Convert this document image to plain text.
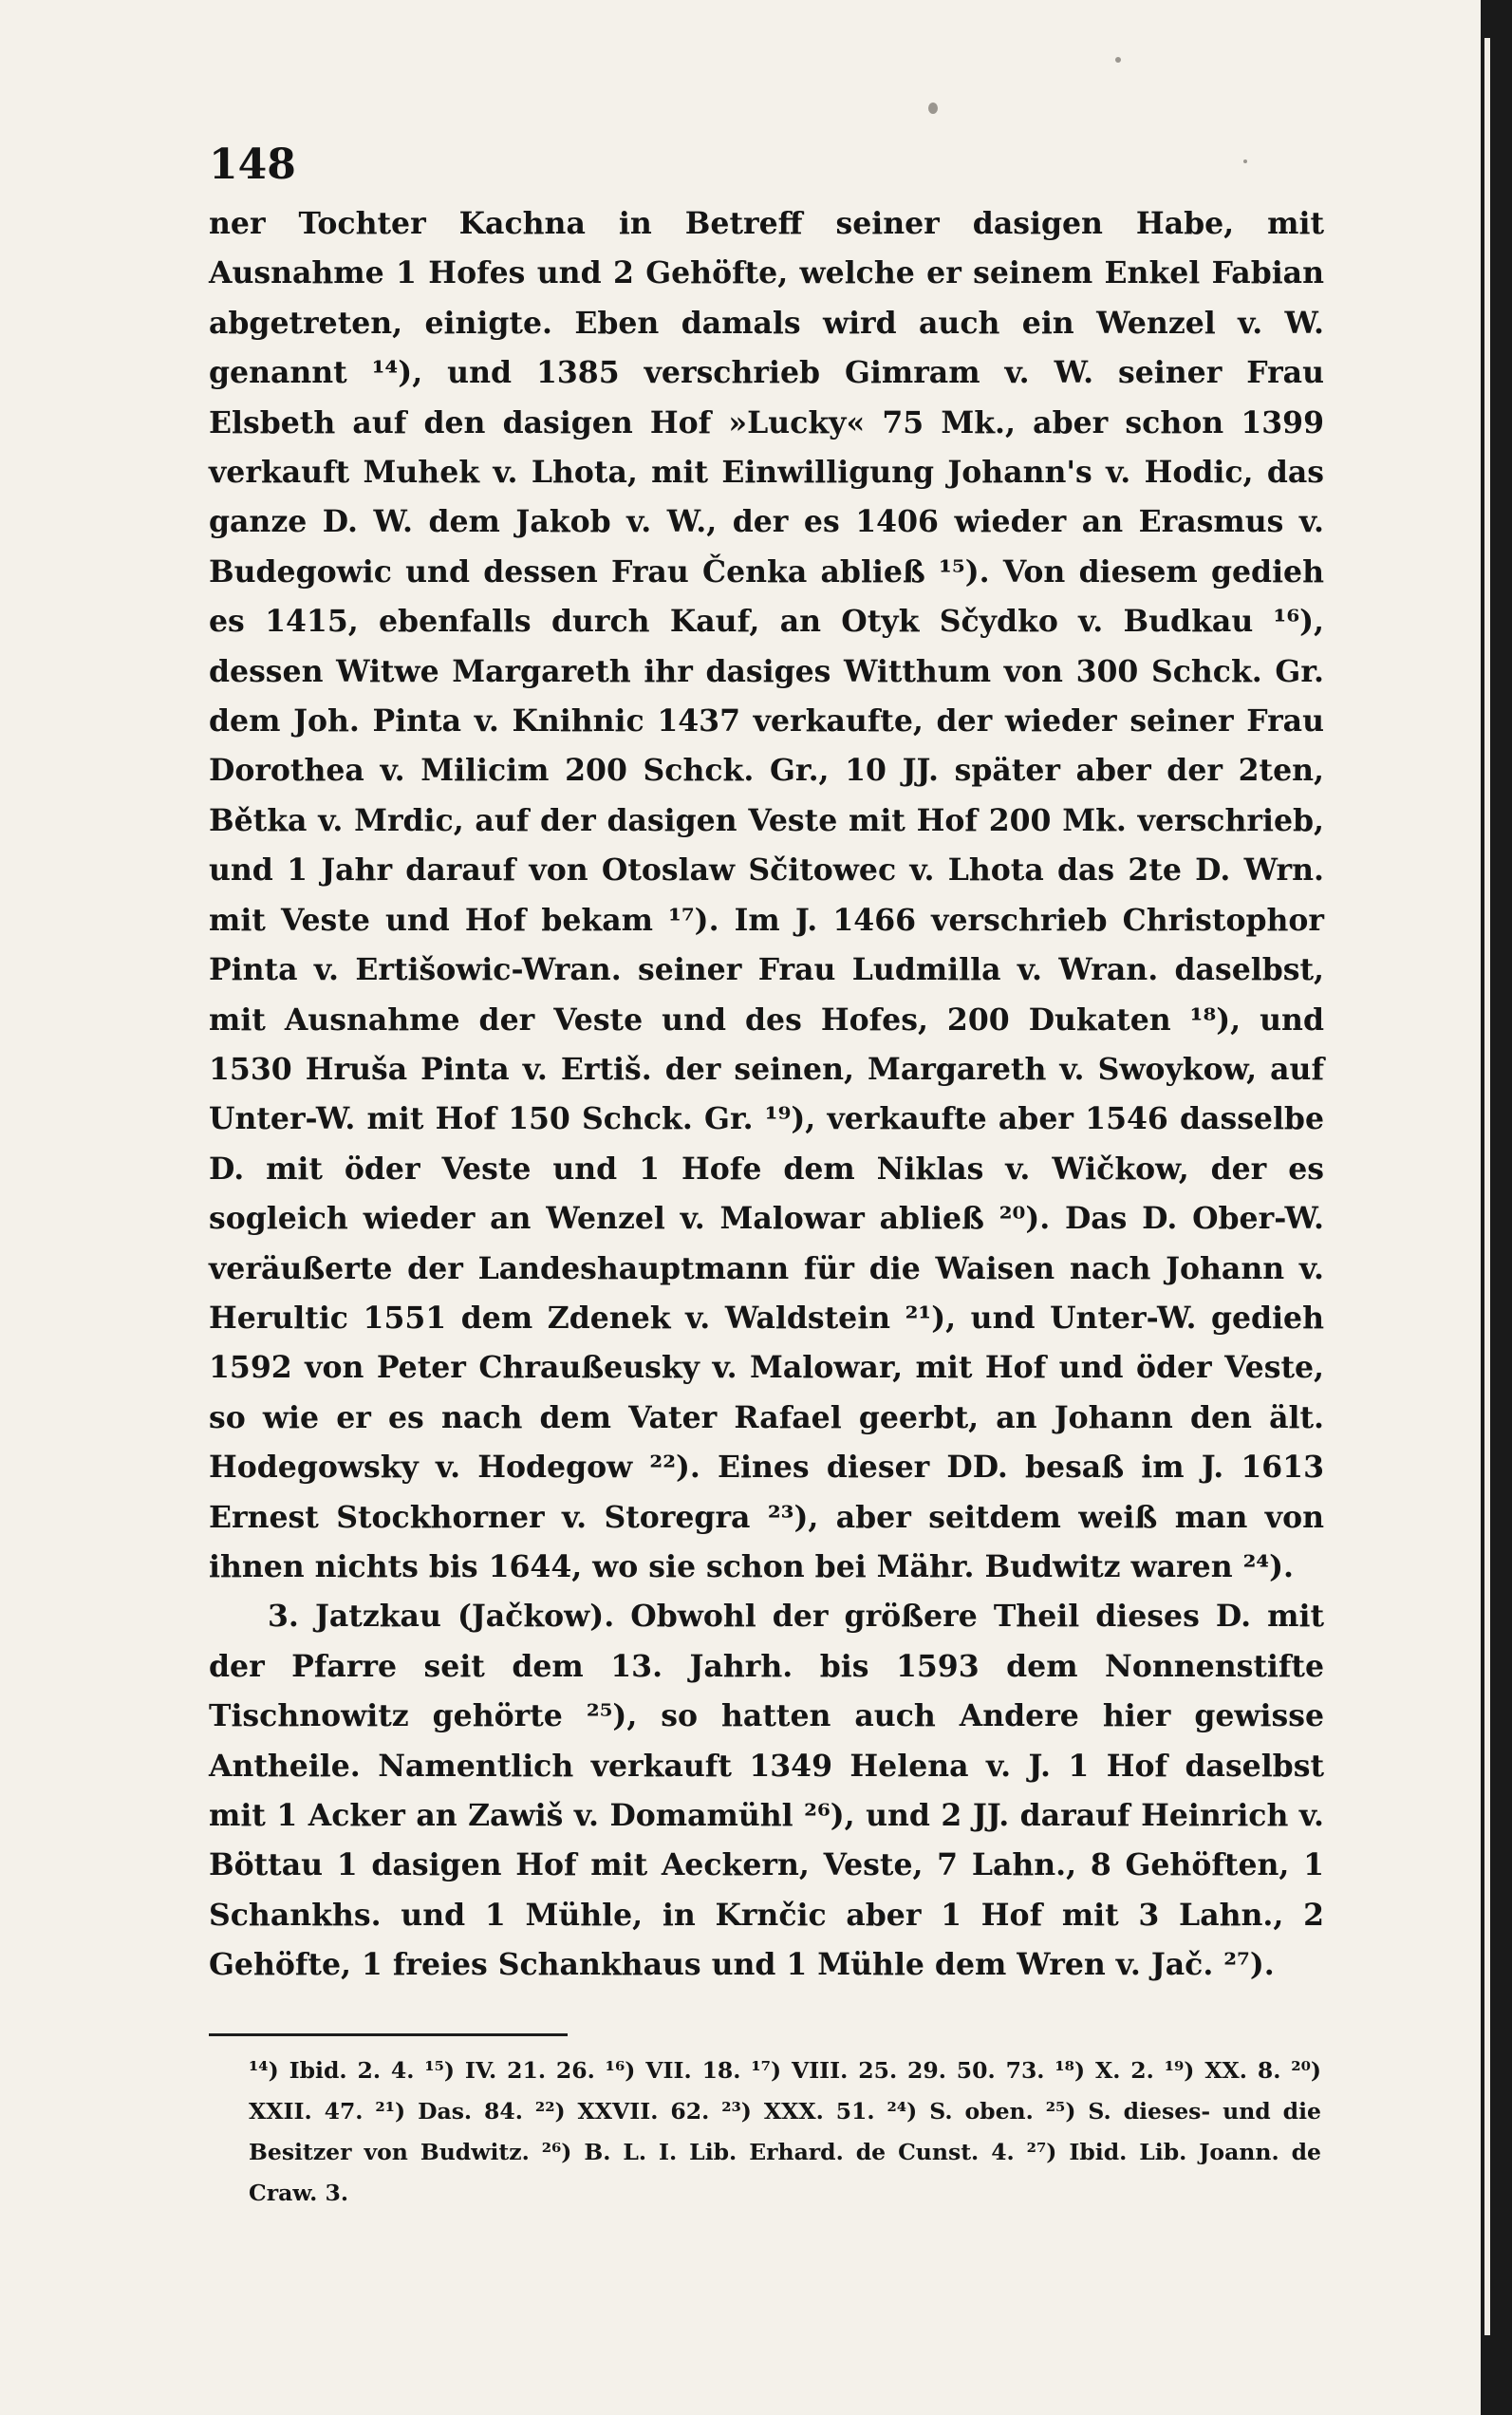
148

ner Tochter Kachna in Betreff seiner dasigen Habe, mit Ausnahme 1 Hofes und 2 Gehöfte, welche er seinem Enkel Fabian abgetreten, einigte. Eben damals wird auch ein Wenzel v. W. genannt ¹⁴), und 1385 verschrieb Gimram v. W. seiner Frau Elsbeth auf den dasigen Hof »Lucky« 75 Mk., aber schon 1399 verkauft Muhek v. Lhota, mit Einwilligung Johann's v. Hodic, das ganze D. W. dem Jakob v. W., der es 1406 wieder an Erasmus v. Budegowic und dessen Frau Čenka abließ ¹⁵). Von diesem gedieh es 1415, ebenfalls durch Kauf, an Otyk Sčydko v. Budkau ¹⁶), dessen Witwe Margareth ihr dasiges Witthum von 300 Schck. Gr. dem Joh. Pinta v. Knihnic 1437 verkaufte, der wieder seiner Frau Dorothea v. Milicim 200 Schck. Gr., 10 JJ. später aber der 2ten, Bětka v. Mrdic, auf der dasigen Veste mit Hof 200 Mk. verschrieb, und 1 Jahr darauf von Otoslaw Sčitowec v. Lhota das 2te D. Wrn. mit Veste und Hof bekam ¹⁷). Im J. 1466 verschrieb Christophor Pinta v. Ertišowic-Wran. seiner Frau Ludmilla v. Wran. daselbst, mit Ausnahme der Veste und des Hofes, 200 Dukaten ¹⁸), und 1530 Hruša Pinta v. Ertiš. der seinen, Margareth v. Swoykow, auf Unter-W. mit Hof 150 Schck. Gr. ¹⁹), verkaufte aber 1546 dasselbe D. mit öder Veste und 1 Hofe dem Niklas v. Wičkow, der es sogleich wieder an Wenzel v. Malowar abließ ²⁰). Das D. Ober-W. veräußerte der Landeshauptmann für die Waisen nach Johann v. Herultic 1551 dem Zdenek v. Waldstein ²¹), und Unter-W. gedieh 1592 von Peter Chraußeusky v. Malowar, mit Hof und öder Veste, so wie er es nach dem Vater Rafael geerbt, an Johann den ält. Hodegowsky v. Hodegow ²²). Eines dieser DD. besaß im J. 1613 Ernest Stockhorner v. Storegra ²³), aber seitdem weiß man von ihnen nichts bis 1644, wo sie schon bei Mähr. Budwitz waren ²⁴).

3. Jatzkau (Jačkow). Obwohl der größere Theil dieses D. mit der Pfarre seit dem 13. Jahrh. bis 1593 dem Nonnenstifte Tischnowitz gehörte ²⁵), so hatten auch Andere hier gewisse Antheile. Namentlich verkauft 1349 Helena v. J. 1 Hof daselbst mit 1 Acker an Zawiš v. Domamühl ²⁶), und 2 JJ. darauf Heinrich v. Böttau 1 dasigen Hof mit Aeckern, Veste, 7 Lahn., 8 Gehöften, 1 Schankhs. und 1 Mühle, in Krnčic aber 1 Hof mit 3 Lahn., 2 Gehöfte, 1 freies Schankhaus und 1 Mühle dem Wren v. Jač. ²⁷).

¹⁴) Ibid. 2. 4. ¹⁵) IV. 21. 26. ¹⁶) VII. 18. ¹⁷) VIII. 25. 29. 50. 73. ¹⁸) X. 2. ¹⁹) XX. 8. ²⁰) XXII. 47. ²¹) Das. 84. ²²) XXVII. 62. ²³) XXX. 51. ²⁴) S. oben. ²⁵) S. dieses- und die Besitzer von Budwitz. ²⁶) B. L. I. Lib. Erhard. de Cunst. 4. ²⁷) Ibid. Lib. Joann. de Craw. 3.
